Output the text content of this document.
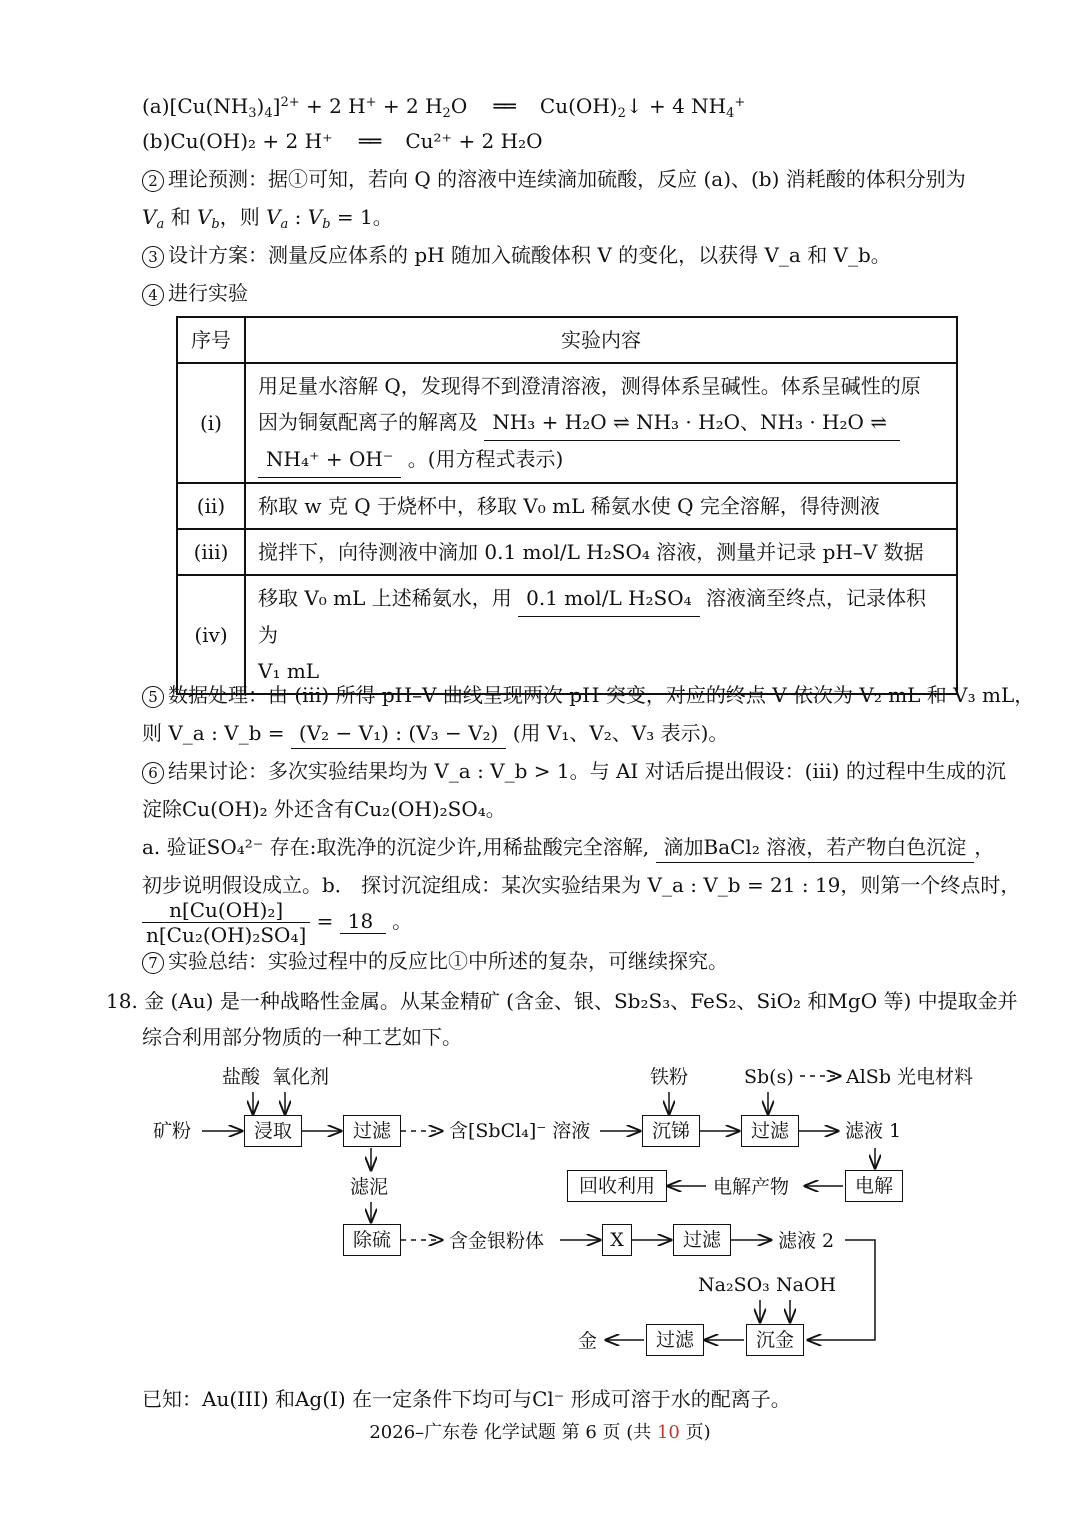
$(a)[Cu(NH_3)_4]^{2+} + 2$ H+ + 2 $H_2O$ ══ $Cu(OH)_2↓ + 4$ $NH_4^+$
(b)Cu(OH)₂ + 2 H⁺ ══ Cu²⁺ + 2 H₂O
2 理论预测：据①可知，若向 Q 的溶液中连续滴加硫酸，反应 (a)、(b) 消耗酸的体积分别为
$V_a$ 和 $V_b$，则 $V_a$ : $V_b = 1$。
3 设计方案：测量反应体系的 pH 随加入硫酸体积 V 的变化，以获得 V_a 和 V_b。
4 进行实验
序号	实验内容
(i)	用足量水溶解 Q，发现得不到澄清溶液，测得体系呈碱性。体系呈碱性的原
因为铜氨配离子的解离及 NH₃ + H₂O ⇌ NH₃ · H₂O、NH₃ · H₂O ⇌
NH₄⁺ + OH⁻ 。(用方程式表示)

(ii)	称取 w 克 Q 于烧杯中，移取 V₀ mL 稀氨水使 Q 完全溶解，得待测液
(iii)	搅拌下，向待测液中滴加 0.1 mol/L H₂SO₄ 溶液，测量并记录 pH–V 数据
(iv)	移取 V₀ mL 上述稀氨水，用 0.1 mol/L H₂SO₄ 溶液滴至终点，记录体积为
V₁ mL
5 数据处理：由 (iii) 所得 pH–V 曲线呈现两次 pH 突变，对应的终点 V 依次为 V₂ mL 和 V₃ mL，
则 V_a : V_b = (V₂ − V₁) : (V₃ − V₂) (用 V₁、V₂、V₃ 表示)。
6 结果讨论：多次实验结果均为 V_a : V_b > 1。与 AI 对话后提出假设：(iii) 的过程中生成的沉
淀除Cu(OH)₂ 外还含有Cu₂(OH)₂SO₄。
a. 验证SO₄²⁻ 存在:取洗净的沉淀少许,用稀盐酸完全溶解, 滴加BaCl₂ 溶液，若产物白色沉淀 ，
初步说明假设成立。b． 探讨沉淀组成：某次实验结果为 V_a : V_b = 21 : 19，则第一个终点时，
$\frac{\text{n[Cu(OH)₂]}}{\text{n[Cu₂(OH)₂SO₄]}} = 18$ 。
7 实验总结：实验过程中的反应比①中所述的复杂，可继续探究。
18. 金 (Au) 是一种战略性金属。从某金精矿 (含金、银、Sb₂S₃、FeS₂、SiO₂ 和MgO 等) 中提取金并
综合利用部分物质的一种工艺如下。
盐酸 氧化剂
矿粉	浸取	过滤	含[SbCl₄]⁻ 溶液
铁粉
沉锑
Sb(s)	AlSb 光电材料
过滤	滤液 1
滤泥	回收利用	电解产物	电解
除硫	含金银粉体	X	过滤	滤液 2
Na₂SO₃ NaOH
金	过滤	沉金
已知：Au(III) 和Ag(I) 在一定条件下均可与Cl⁻ 形成可溶于水的配离子。
2026–广东卷 化学试题 第 6 页 (共 10 页)
